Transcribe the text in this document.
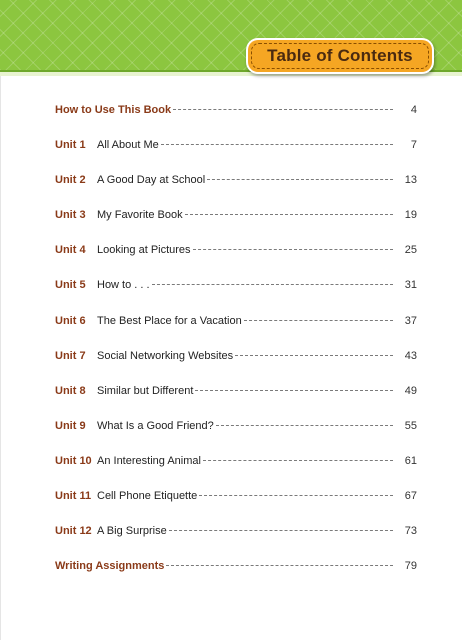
Table of Contents
How to Use This Book	4
Unit 1	All About Me	7
Unit 2	A Good Day at School	13
Unit 3	My Favorite Book	19
Unit 4	Looking at Pictures	25
Unit 5	How to . . .	31
Unit 6	The Best Place for a Vacation	37
Unit 7	Social Networking Websites	43
Unit 8	Similar but Different	49
Unit 9	What Is a Good Friend?	55
Unit 10 An Interesting Animal	61
Unit 11 Cell Phone Etiquette	67
Unit 12 A Big Surprise	73
Writing Assignments	79
